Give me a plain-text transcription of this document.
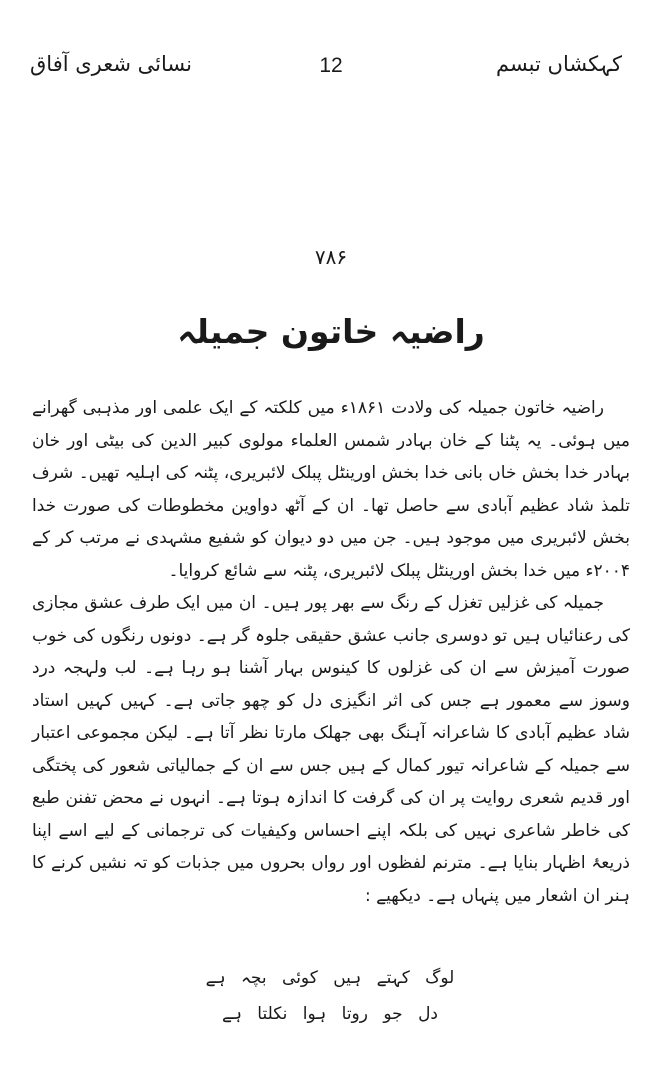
کہکشاں تبسم
12
نسائی شعری آفاق
۷۸۶
راضیہ خاتون جمیلہ

راضیہ خاتون جمیلہ کی ولادت ۱۸۶۱ء میں کلکتہ کے ایک علمی اور مذہبی گھرانے میں ہوئی۔ یہ پٹنا کے خان بہادر شمس العلماء مولوی کبیر الدین کی بیٹی اور خان بہادر خدا بخش خاں بانی خدا بخش اورینٹل پبلک لائبریری، پٹنہ کی اہلیہ تھیں۔ شرف تلمذ شاد عظیم آبادی سے حاصل تھا۔ ان کے آٹھ دواوین مخطوطات کی صورت خدا بخش لائبریری میں موجود ہیں۔ جن میں دو دیوان کو شفیع مشہدی نے مرتب کر کے ۲۰۰۴ء میں خدا بخش اورینٹل پبلک لائبریری، پٹنہ سے شائع کروایا۔

جمیلہ کی غزلیں تغزل کے رنگ سے بھر پور ہیں۔ ان میں ایک طرف عشق مجازی کی رعنائیاں ہیں تو دوسری جانب عشق حقیقی جلوہ گر ہے۔ دونوں رنگوں کی خوب صورت آمیزش سے ان کی غزلوں کا کینوس بہار آشنا ہو رہا ہے۔ لب ولہجہ درد وسوز سے معمور ہے جس کی اثر انگیزی دل کو چھو جاتی ہے۔ کہیں کہیں استاد شاد عظیم آبادی کا شاعرانہ آہنگ بھی جھلک مارتا نظر آتا ہے۔ لیکن مجموعی اعتبار سے جمیلہ کے شاعرانہ تیور کمال کے ہیں جس سے ان کے جمالیاتی شعور کی پختگی اور قدیم شعری روایت پر ان کی گرفت کا اندازہ ہوتا ہے۔ انہوں نے محض تفنن طبع کی خاطر شاعری نہیں کی بلکہ اپنے احساس وکیفیات کی ترجمانی کے لیے اسے اپنا ذریعۂ اظہار بنایا ہے۔ مترنم لفظوں اور رواں بحروں میں جذبات کو تہ نشیں کرنے کا ہنر ان اشعار میں پنہاں ہے۔ دیکھیے :

لوگ کہتے ہیں کوئی بچہ ہے
دل جو روتا ہوا نکلتا ہے
